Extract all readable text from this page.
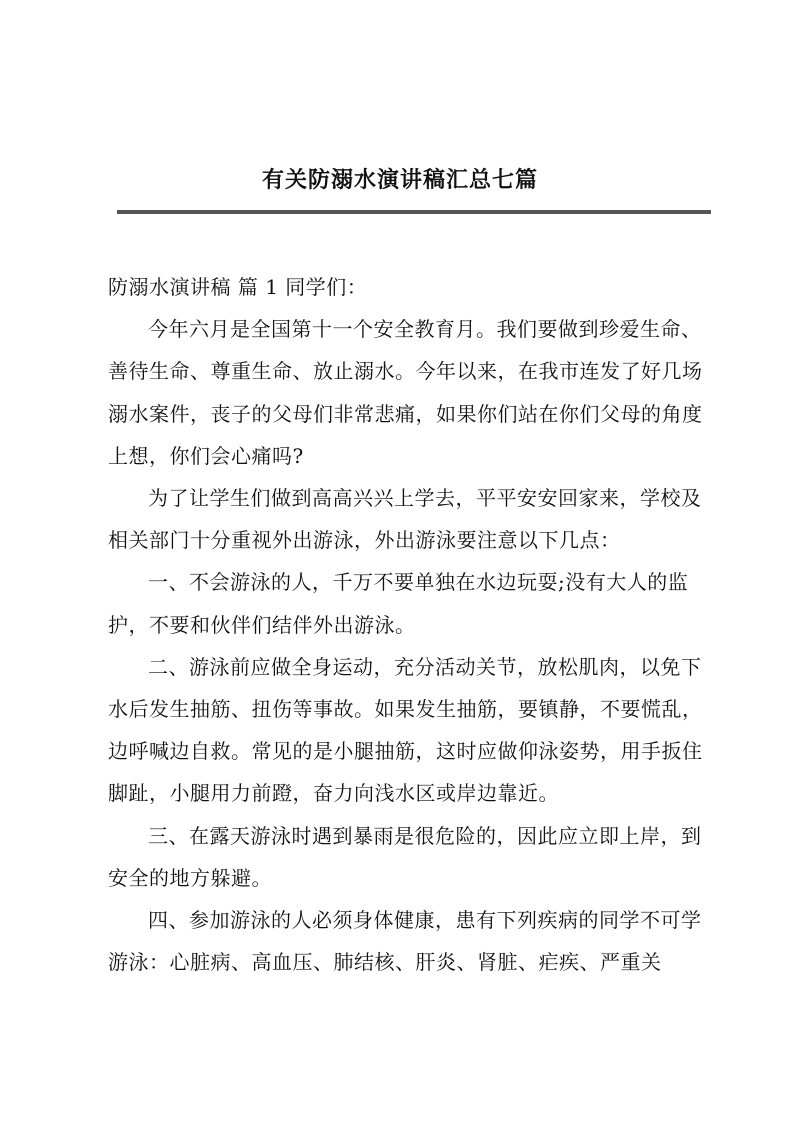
有关防溺水演讲稿汇总七篇

防溺水演讲稿 篇 1 同学们：

今年六月是全国第十一个安全教育月。我们要做到珍爱生命、善待生命、尊重生命、放止溺水。今年以来，在我市连发了好几场溺水案件，丧子的父母们非常悲痛，如果你们站在你们父母的角度上想，你们会心痛吗?

为了让学生们做到高高兴兴上学去，平平安安回家来，学校及相关部门十分重视外出游泳，外出游泳要注意以下几点：

一、不会游泳的人，千万不要单独在水边玩耍;没有大人的监护，不要和伙伴们结伴外出游泳。

二、游泳前应做全身运动，充分活动关节，放松肌肉，以免下水后发生抽筋、扭伤等事故。如果发生抽筋，要镇静，不要慌乱，边呼喊边自救。常见的是小腿抽筋，这时应做仰泳姿势，用手扳住脚趾，小腿用力前蹬，奋力向浅水区或岸边靠近。

三、在露天游泳时遇到暴雨是很危险的，因此应立即上岸，到安全的地方躲避。

四、参加游泳的人必须身体健康，患有下列疾病的同学不可学游泳：心脏病、高血压、肺结核、肝炎、肾脏、疟疾、严重关
